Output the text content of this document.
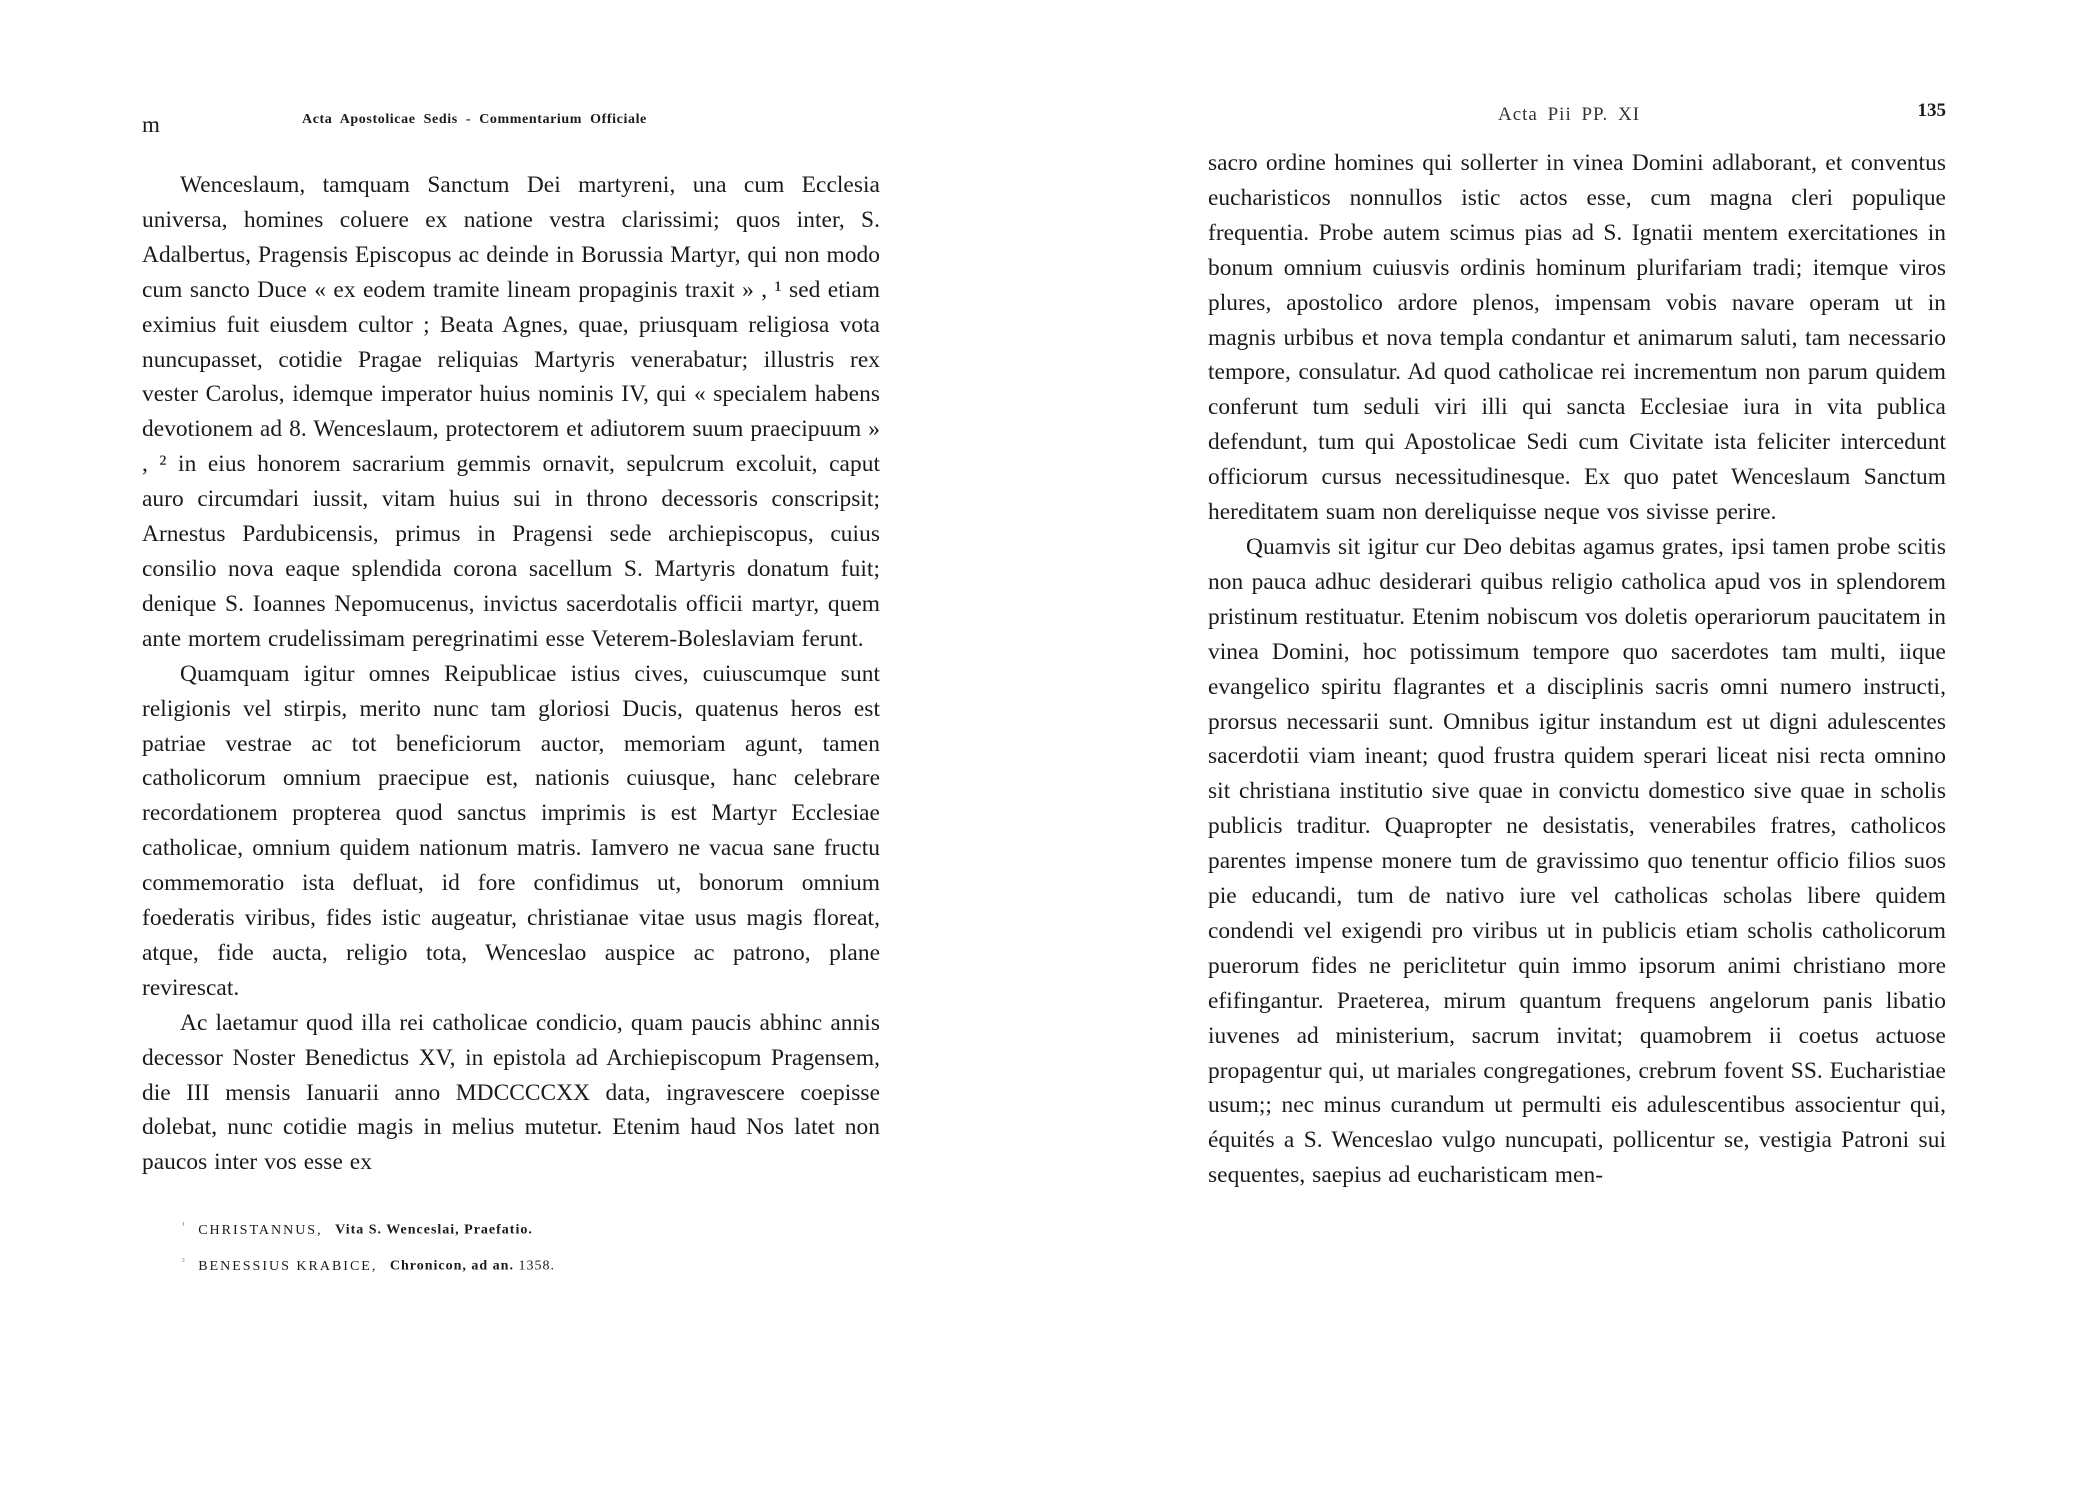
m	Acta Apostolicae Sedis - Commentarium Officiale

Wenceslaum, tamquam Sanctum Dei martyreni, una cum Ecclesia universa, homines coluere ex natione vestra clarissimi; quos inter, S. Adalbertus, Pragensis Episcopus ac deinde in Borussia Martyr, qui non modo cum sancto Duce « ex eodem tramite lineam propaginis traxit » , ¹ sed etiam eximius fuit eiusdem cultor ; Beata Agnes, quae, priusquam religiosa vota nuncupasset, cotidie Pragae reliquias Martyris venerabatur; illustris rex vester Carolus, idemque imperator huius nominis IV, qui « specialem habens devotionem ad 8. Wenceslaum, protectorem et adiutorem suum praecipuum » , ² in eius honorem sacrarium gemmis ornavit, sepulcrum excoluit, caput auro circumdari iussit, vitam huius sui in throno decessoris conscripsit; Arnestus Pardubicensis, primus in Pragensi sede archiepiscopus, cuius consilio nova eaque splendida corona sacellum S. Martyris donatum fuit; denique S. Ioannes Nepomucenus, invictus sacerdotalis officii martyr, quem ante mortem crudelissimam peregrinatimi esse Veterem-Boleslaviam ferunt.

Quamquam igitur omnes Reipublicae istius cives, cuiuscumque sunt religionis vel stirpis, merito nunc tam gloriosi Ducis, quatenus heros est patriae vestrae ac tot beneficiorum auctor, memoriam agunt, tamen catholicorum omnium praecipue est, nationis cuiusque, hanc celebrare recordationem propterea quod sanctus imprimis is est Martyr Ecclesiae catholicae, omnium quidem nationum matris. Iamvero ne vacua sane fructu commemoratio ista defluat, id fore confidimus ut, bonorum omnium foederatis viribus, fides istic augeatur, christianae vitae usus magis floreat, atque, fide aucta, religio tota, Wenceslao auspice ac patrono, plane revirescat.

Ac laetamur quod illa rei catholicae condicio, quam paucis abhinc annis decessor Noster Benedictus XV, in epistola ad Archiepiscopum Pragensem, die III mensis Ianuarii anno MDCCCCXX data, ingravescere coepisse dolebat, nunc cotidie magis in melius mutetur. Etenim haud Nos latet non paucos inter vos esse ex

$^{^1}$ CHRISTANNUS, Vita S. Wenceslai, Praefatio.
$^{^2}$ BENESSIUS KRABICE, Chronicon, ad an. 1358.
Acta Pii PP. XI	135

sacro ordine homines qui sollerter in vinea Domini adlaborant, et conventus eucharisticos nonnullos istic actos esse, cum magna cleri populique frequentia. Probe autem scimus pias ad S. Ignatii mentem exercitationes in bonum omnium cuiusvis ordinis hominum plurifariam tradi; itemque viros plures, apostolico ardore plenos, impensam vobis navare operam ut in magnis urbibus et nova templa condantur et animarum saluti, tam necessario tempore, consulatur. Ad quod catholicae rei incrementum non parum quidem conferunt tum seduli viri illi qui sancta Ecclesiae iura in vita publica defendunt, tum qui Apostolicae Sedi cum Civitate ista feliciter intercedunt officiorum cursus necessitudinesque. Ex quo patet Wenceslaum Sanctum hereditatem suam non dereliquisse neque vos sivisse perire.

Quamvis sit igitur cur Deo debitas agamus grates, ipsi tamen probe scitis non pauca adhuc desiderari quibus religio catholica apud vos in splendorem pristinum restituatur. Etenim nobiscum vos doletis operariorum paucitatem in vinea Domini, hoc potissimum tempore quo sacerdotes tam multi, iique evangelico spiritu flagrantes et a disciplinis sacris omni numero instructi, prorsus necessarii sunt. Omnibus igitur instandum est ut digni adulescentes sacerdotii viam ineant; quod frustra quidem sperari liceat nisi recta omnino sit christiana institutio sive quae in convictu domestico sive quae in scholis publicis traditur. Quapropter ne desistatis, venerabiles fratres, catholicos parentes impense monere tum de gravissimo quo tenentur officio filios suos pie educandi, tum de nativo iure vel catholicas scholas libere quidem condendi vel exigendi pro viribus ut in publicis etiam scholis catholicorum puerorum fides ne periclitetur quin immo ipsorum animi christiano more efifingantur. Praeterea, mirum quantum frequens angelorum panis libatio iuvenes ad ministerium, sacrum invitat; quamobrem ii coetus actuose propagentur qui, ut mariales congregationes, crebrum fovent SS. Eucharistiae usum;; nec minus curandum ut permulti eis adulescentibus associentur qui, équités a S. Wenceslao vulgo nuncupati, pollicentur se, vestigia Patroni sui sequentes, saepius ad eucharisticam men-
